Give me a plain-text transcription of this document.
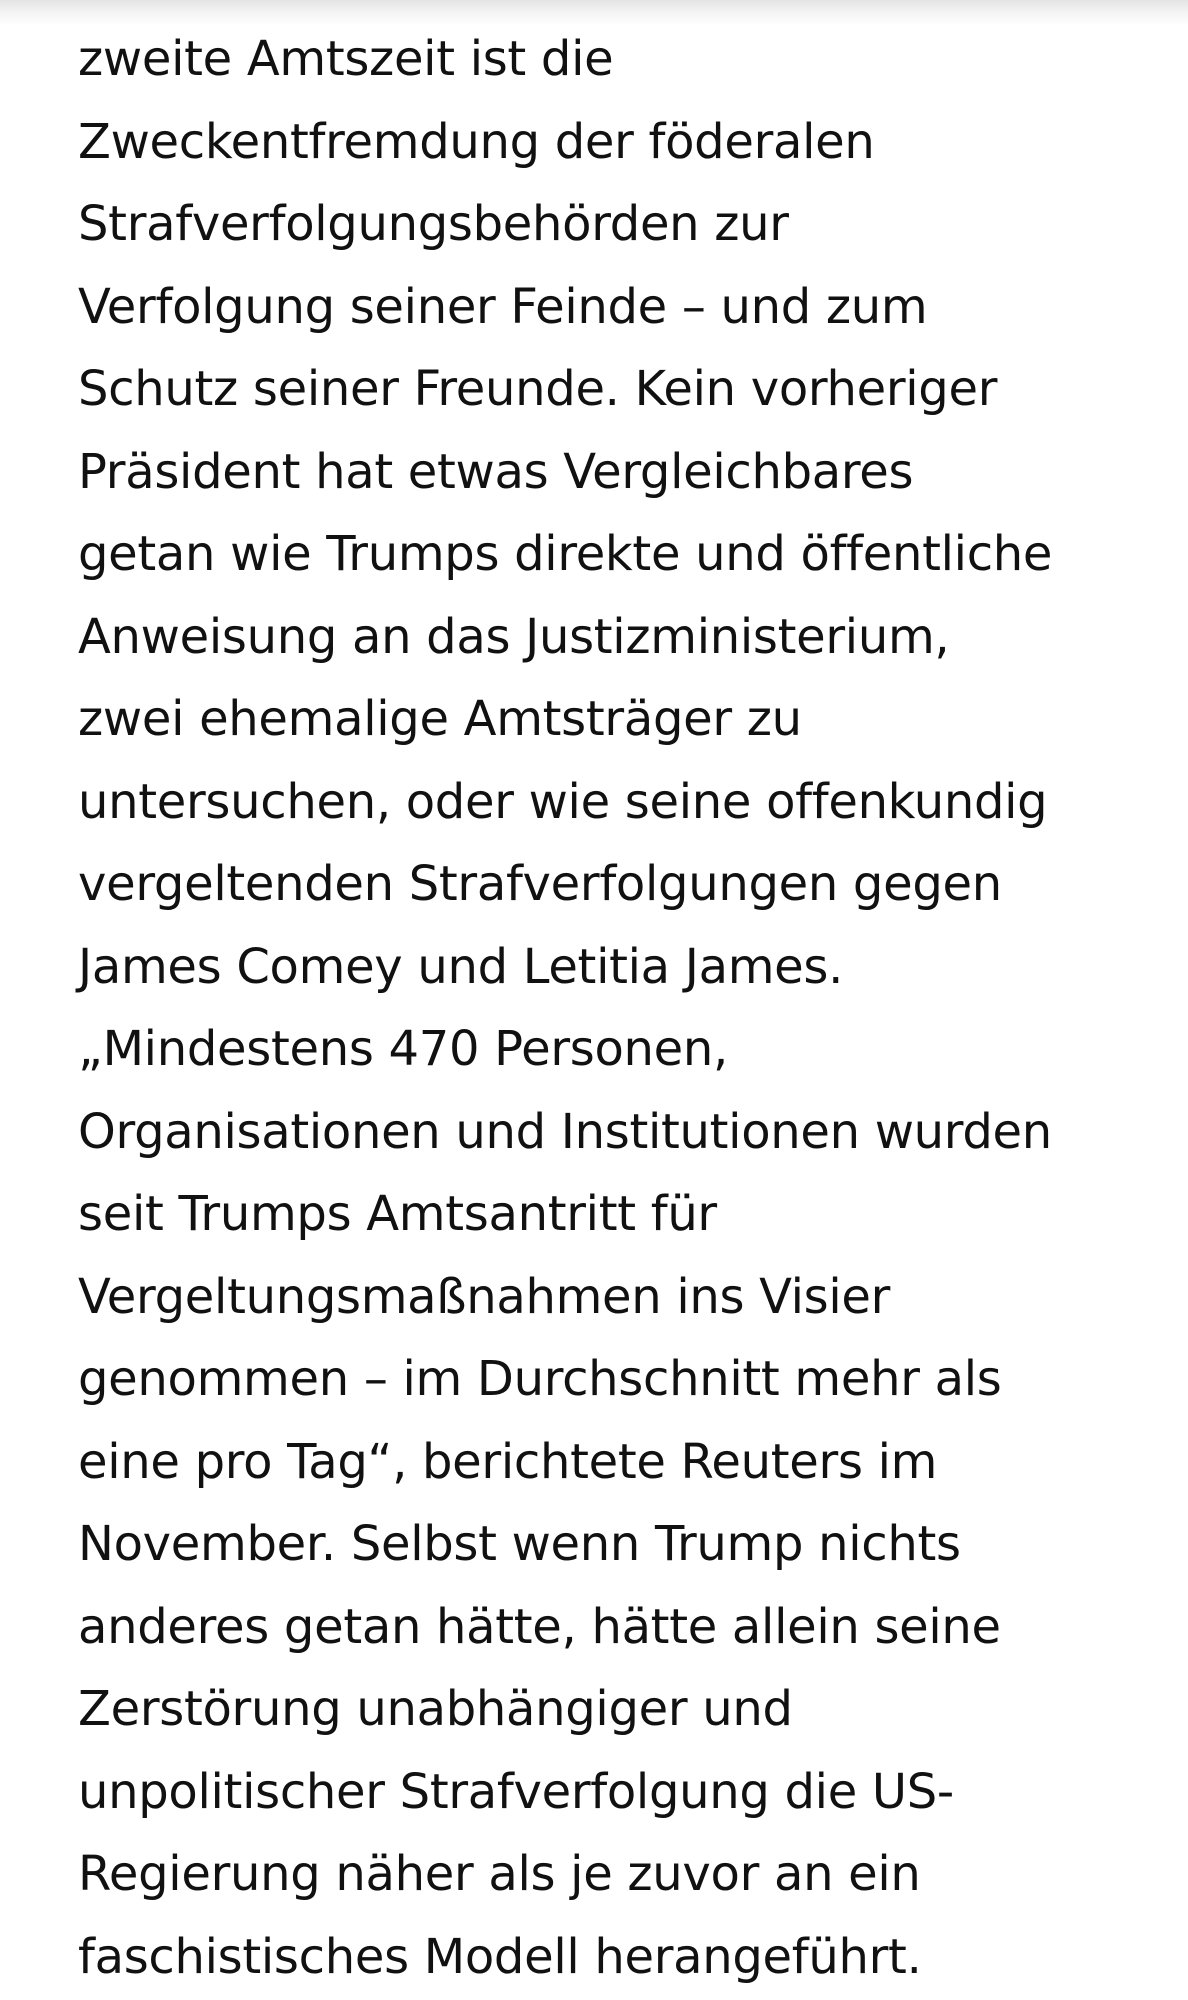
zweite Amtszeit ist die
Zweckentfremdung der föderalen
Strafverfolgungsbehörden zur
Verfolgung seiner Feinde – und zum
Schutz seiner Freunde. Kein vorheriger
Präsident hat etwas Vergleichbares
getan wie Trumps direkte und öffentliche
Anweisung an das Justizministerium,
zwei ehemalige Amtsträger zu
untersuchen, oder wie seine offenkundig
vergeltenden Strafverfolgungen gegen
James Comey und Letitia James.
„Mindestens 470 Personen,
Organisationen und Institutionen wurden
seit Trumps Amtsantritt für
Vergeltungsmaßnahmen ins Visier
genommen – im Durchschnitt mehr als
eine pro Tag“, berichtete Reuters im
November. Selbst wenn Trump nichts
anderes getan hätte, hätte allein seine
Zerstörung unabhängiger und
unpolitischer Strafverfolgung die US-
Regierung näher als je zuvor an ein
faschistisches Modell herangeführt.
